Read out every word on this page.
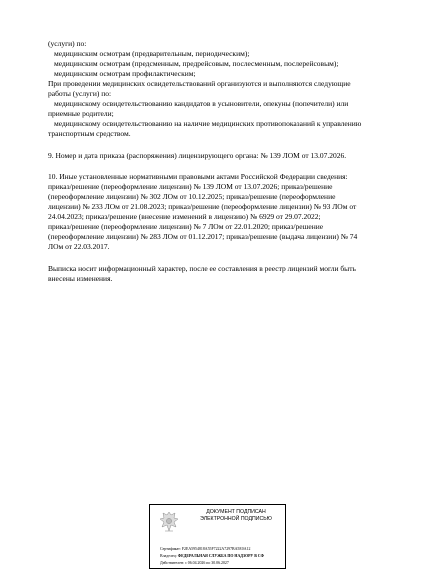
(услуги) по:
медицинским осмотрам (предварительным, периодическим);
медицинским осмотрам (предсменным, предрейсовым, послесменным, послерейсовым);
медицинским осмотрам профилактическим;
При проведении медицинских освидетельствований организуются и выполняются следующие
работы (услуги) по:
медицинскому освидетельствованию кандидатов в усыновители, опекуны (попечители) или
приемные родители;
медицинскому освидетельствованию на наличие медицинских противопоказаний к управлению
транспортным средством.
9. Номер и дата приказа (распоряжения) лицензирующего органа: № 139 ЛОМ от 13.07.2026.
10. Иные установленные нормативными правовыми актами Российской Федерации сведения:
приказ/решение (переоформление лицензии) № 139 ЛОМ от 13.07.2026; приказ/решение
(переоформление лицензии) № 302 ЛОм от 10.12.2025; приказ/решение (переоформление
лицензии) № 233 ЛОм от 21.08.2023; приказ/решение (переоформление лицензии) № 93 ЛОм от
24.04.2023; приказ/решение (внесение изменений в лицензию) № 6929 от 29.07.2022;
приказ/решение (переоформление лицензии) № 7 ЛОм от 22.01.2020; приказ/решение
(переоформление лицензии) № 283 ЛОм от 01.12.2017; приказ/решение (выдача лицензии) № 74
ЛОм от 22.03.2017.
Выписка носит информационный характер, после ее составления в реестр лицензий могли быть
внесены изменения.
ДОКУМЕНТ ПОДПИСАН
ЭЛЕКТРОННОЙ ПОДПИСЬЮ
Сертификат: F2EA5954818A55F7222A7297BA5E0A12
Владелец: ФЕДЕРАЛЬНАЯ СЛУЖБА ПО НАДЗОРУ В СФ
Действителен: с 06.04.2026 по 30.06.2027
